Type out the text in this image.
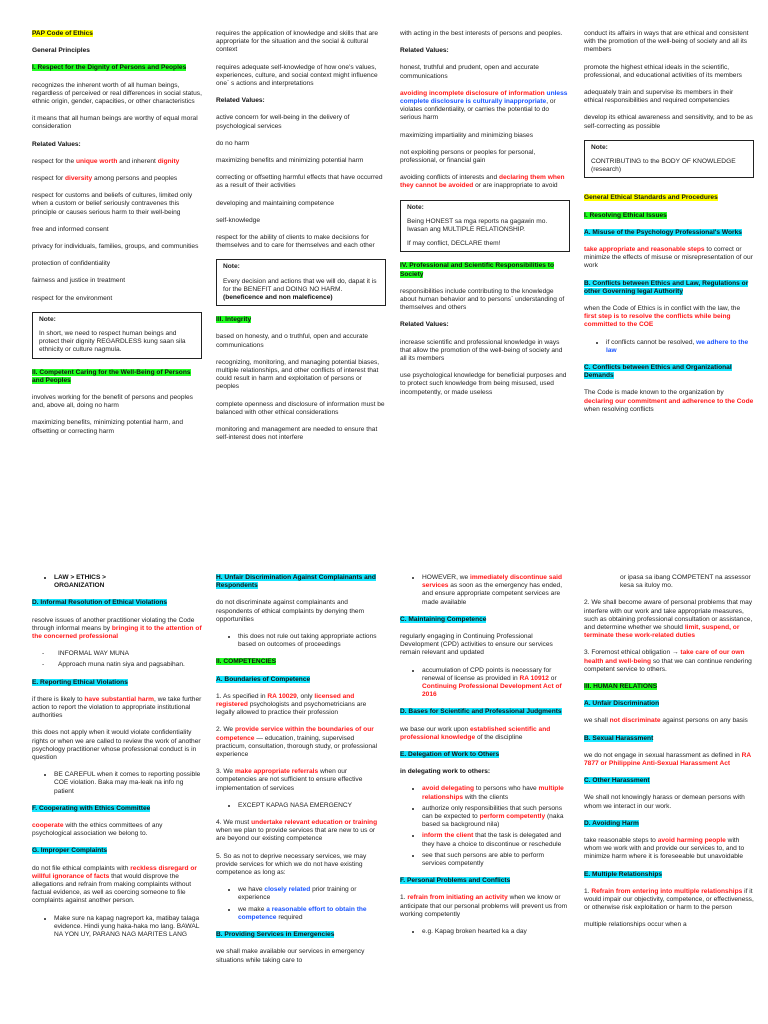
PAP Code of Ethics

General Principles

I. Respect for the Dignity of Persons and Peoples

recognizes the inherent worth of all human beings, regardless of perceived or real differences in social status, ethnic origin, gender, capacities, or other characteristics

it means that all human beings are worthy of equal moral consideration

Related Values:

respect for the unique worth and inherent dignity

respect for diversity among persons and peoples

respect for customs and beliefs of cultures, limited only when a custom or belief seriously contravenes this principle or causes serious harm to their well-being

free and informed consent

privacy for individuals, families, groups, and communities

protection of confidentiality

fairness and justice in treatment

respect for the environment

Note:
In short, we need to respect human beings and protect their dignity REGARDLESS kung saan sila ethnicity or culture nagmula.

II. Competent Caring for the Well-Being of Persons and Peoples

involves working for the benefit of persons and peoples and, above all, doing no harm

maximizing benefits, minimizing potential harm, and offsetting or correcting harm

requires the application of knowledge and skills that are appropriate for the situation and the social & cultural context

requires adequate self-knowledge of how one's values, experiences, culture, and social context might influence one` s actions and interpretations

Related Values:

active concern for well-being in the delivery of psychological services

do no harm

maximizing benefits and minimizing potential harm

correcting or offsetting harmful effects that have occurred as a result of their activities

developing and maintaining competence

self-knowledge

respect for the ability of clients to make decisions for themselves and to care for themselves and each other

Note:
Every decision and actions that we will do, dapat it is for the BENEFIT and DOING NO HARM. (beneficence and non maleficence)

III. Integrity

based on honesty, and o truthful, open and accurate communications

recognizing, monitoring, and managing potential biases, multiple relationships, and other conflicts of interest that could result in harm and exploitation of persons or peoples

complete openness and disclosure of information must be balanced with other ethical considerations

monitoring and management are needed to ensure that self-interest does not interfere

with acting in the best interests of persons and peoples.

Related Values:

honest, truthful and prudent, open and accurate communications

avoiding incomplete disclosure of information unless complete disclosure is culturally inappropriate, or violates confidentiality, or carries the potential to do serious harm

maximizing impartiality and minimizing biases

not exploiting persons or peoples for personal, professional, or financial gain

avoiding conflicts of interests and declaring them when they cannot be avoided or are inappropriate to avoid

Note:
Being HONEST sa mga reports na gagawin mo. Iwasan ang MULTIPLE RELATIONSHIP.
If may conflict, DECLARE them!

IV. Professional and Scientific Responsibilities to Society

responsibilities include contributing to the knowledge about human behavior and to persons` understanding of themselves and others

Related Values:

increase scientific and professional knowledge in ways that allow the promotion of the well-being of society and all its members

use psychological knowledge for beneficial purposes and to protect such knowledge from being misused, used incompetently, or made useless

conduct its affairs in ways that are ethical and consistent with the promotion of the well-being of society and all its members

promote the highest ethical ideals in the scientific, professional, and educational activities of its members

adequately train and supervise its members in their ethical responsibilities and required competencies

develop its ethical awareness and sensitivity, and to be as self-correcting as possible

Note:
CONTRIBUTING to the BODY OF KNOWLEDGE (research)

General Ethical Standards and Procedures

I. Resolving Ethical Issues

A. Misuse of the Psychology Professional's Works

take appropriate and reasonable steps to correct or minimize the effects of misuse or misrepresentation of our work

B. Conflicts between Ethics and Law, Regulations or other Governing legal Authority

when the Code of Ethics is in conflict with the law, the first step is to resolve the conflicts while being committed to the COE

• if conflicts cannot be resolved, we adhere to the law

C. Conflicts between Ethics and Organizational Demands

The Code is made known to the organization by declaring our commitment and adherence to the Code when resolving conflicts

• LAW > ETHICS >
ORGANIZATION

D. Informal Resolution of Ethical Violations

resolve issues of another practitioner violating the Code through informal means by bringing it to the attention of the concerned professional

- INFORMAL WAY MUNA
- Approach muna natin siya and pagsabihan.

E. Reporting Ethical Violations

if there is likely to have substantial harm, we take further action to report the violation to appropriate institutional authorities

this does not apply when it would violate confidentiality rights or when we are called to review the work of another psychology practitioner whose professional conduct is in question

• BE CAREFUL when it comes to reporting possible COE violation. Baka may ma-leak na info ng patient

F. Cooperating with Ethics Committee

cooperate with the ethics committees of any psychological association we belong to.

G. Improper Complaints

do not file ethical complaints with reckless disregard or willful ignorance of facts that would disprove the allegations and refrain from making complaints without factual evidence, as well as coercing someone to file complaints against another person.

• Make sure na kapag nagreport ka, matibay talaga evidence. Hindi yung haka-haka mo lang. BAWAL NA YON UY, PARANG NAG MARITES LANG

H. Unfair Discrimination Against Complainants and Respondents

do not discriminate against complainants and respondents of ethical complaints by denying them opportunities

• this does not rule out taking appropriate actions based on outcomes of proceedings

II. COMPETENCIES

A. Boundaries of Competence

1. As specified in RA 10029, only licensed and registered psychologists and psychometricians are legally allowed to practice their profession

2. We provide service within the boundaries of our competence — education, training, supervised practicum, consultation, thorough study, or professional experience

3. We make appropriate referrals when our competencies are not sufficient to ensure effective implementation of services

• EXCEPT KAPAG NASA EMERGENCY

4. We must undertake relevant education or training when we plan to provide services that are new to us or are beyond our existing competence

5. So as not to deprive necessary services, we may provide services for which we do not have existing competence as long as:

• we have closely related prior training or experience
• we make a reasonable effort to obtain the competence required

B. Providing Services in Emergencies

we shall make available our services in emergency situations while taking care to

• HOWEVER, we immediately discontinue said services as soon as the emergency has ended, and ensure appropriate competent services are made available

C. Maintaining Competence

regularly engaging in Continuing Professional Development (CPD) activities to ensure our services remain relevant and updated

• accumulation of CPD points is necessary for renewal of license as provided in RA 10912 or Continuing Professional Development Act of 2016

D. Bases for Scientific and Professional Judgments

we base our work upon established scientific and professional knowledge of the discipline

E. Delegation of Work to Others

in delegating work to others:

• avoid delegating to persons who have multiple relationships with the clients
• authorize only responsibilities that such persons can be expected to perform competently (naka based sa background nila)
• inform the client that the task is delegated and they have a choice to discontinue or reschedule
• see that such persons are able to perform services competently

F. Personal Problems and Conflicts

1. refrain from initiating an activity when we know or anticipate that our personal problems will prevent us from working competently

• e.g. Kapag broken hearted ka a day

or ipasa sa ibang COMPETENT na assessor kesa sa ituloy mo.

2. We shall become aware of personal problems that may interfere with our work and take appropriate measures, such as obtaining professional consultation or assistance, and determine whether we should limit, suspend, or terminate these work-related duties

3. Foremost ethical obligation → take care of our own health and well-being so that we can continue rendering competent service to others.

III. HUMAN RELATIONS

A. Unfair Discrimination

we shall not discriminate against persons on any basis

B. Sexual Harassment

we do not engage in sexual harassment as defined in RA 7877 or Philippine Anti-Sexual Harassment Act

C. Other Harassment

We shall not knowingly harass or demean persons with whom we interact in our work.

D. Avoiding Harm

take reasonable steps to avoid harming people with whom we work with and provide our services to, and to minimize harm where it is foreseeable but unavoidable

E. Multiple Relationships

1. Refrain from entering into multiple relationships if it would impair our objectivity, competence, or effectiveness, or otherwise risk exploitation or harm to the person

multiple relationships occur when a
